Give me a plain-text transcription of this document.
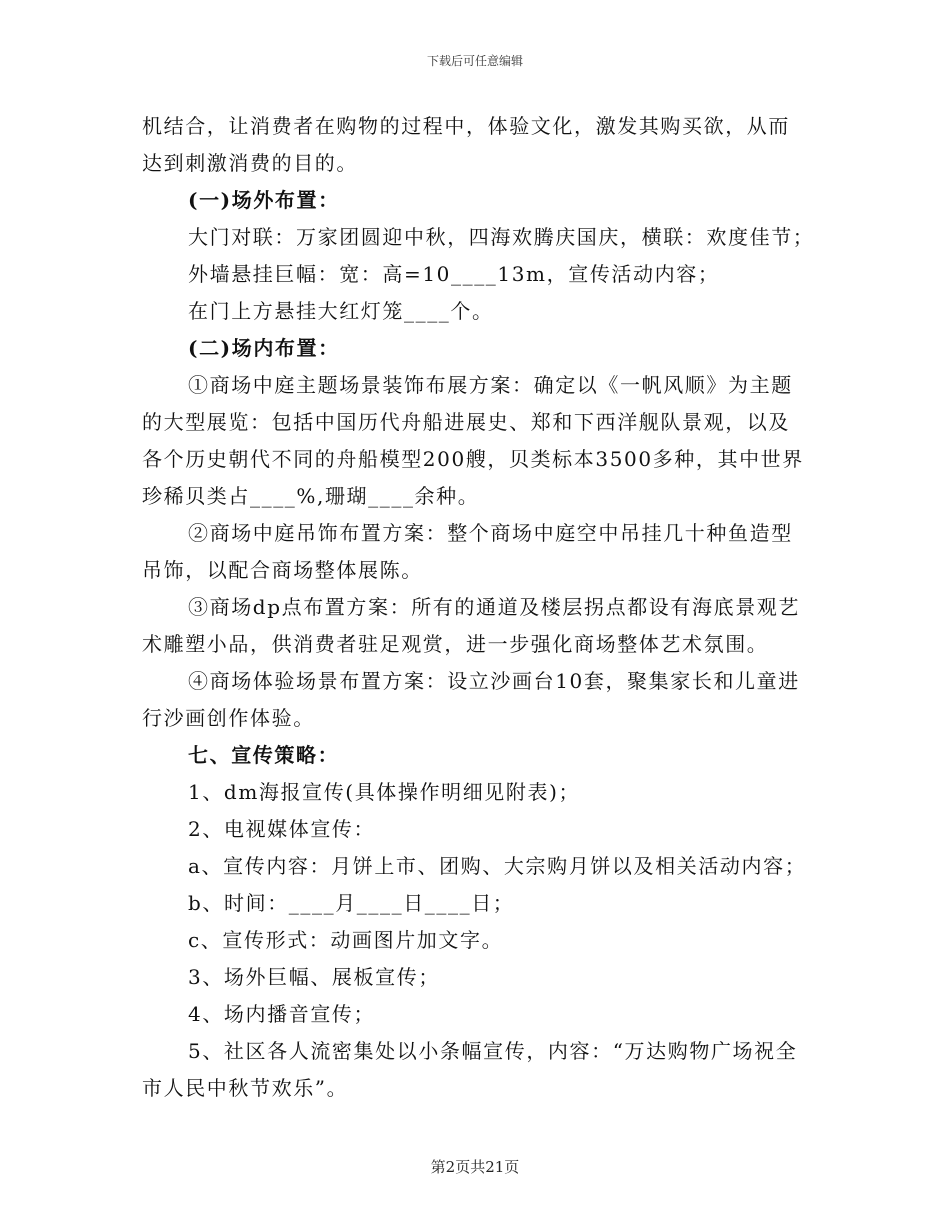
下载后可任意编辑
机结合，让消费者在购物的过程中，体验文化，激发其购买欲，从而
达到刺激消费的目的。
(一)场外布置：
大门对联：万家团圆迎中秋，四海欢腾庆国庆，横联：欢度佳节；
外墙悬挂巨幅：宽：高=10____13m，宣传活动内容；
在门上方悬挂大红灯笼____个。
(二)场内布置：
①商场中庭主题场景装饰布展方案：确定以《一帆风顺》为主题
的大型展览：包括中国历代舟船进展史、郑和下西洋舰队景观，以及
各个历史朝代不同的舟船模型200艘，贝类标本3500多种，其中世界
珍稀贝类占____%,珊瑚____余种。
②商场中庭吊饰布置方案：整个商场中庭空中吊挂几十种鱼造型
吊饰，以配合商场整体展陈。
③商场dp点布置方案：所有的通道及楼层拐点都设有海底景观艺
术雕塑小品，供消费者驻足观赏，进一步强化商场整体艺术氛围。
④商场体验场景布置方案：设立沙画台10套，聚集家长和儿童进
行沙画创作体验。
七、宣传策略：
1、dm海报宣传(具体操作明细见附表)；
2、电视媒体宣传：
a、宣传内容：月饼上市、团购、大宗购月饼以及相关活动内容；
b、时间：____月____日____日；
c、宣传形式：动画图片加文字。
3、场外巨幅、展板宣传；
4、场内播音宣传；
5、社区各人流密集处以小条幅宣传，内容：“万达购物广场祝全
市人民中秋节欢乐”。
第2页共21页
